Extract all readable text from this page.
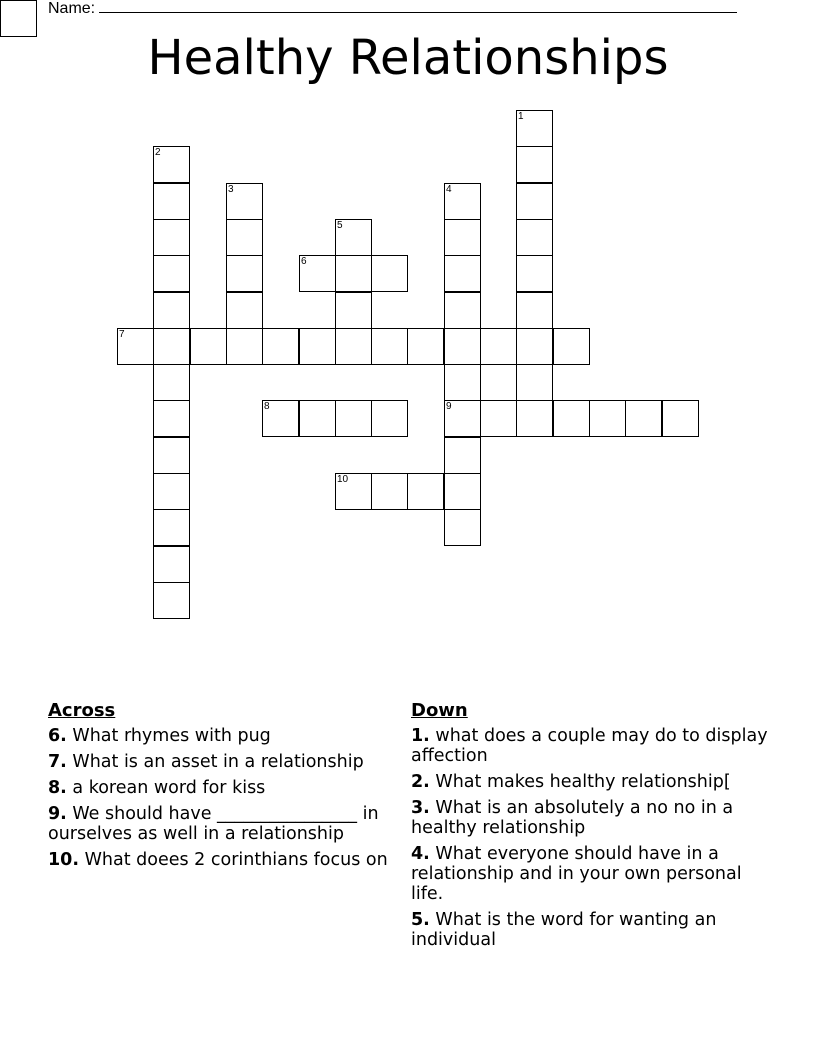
Name:
Healthy Relationships
1
2
3	4
9
5
6
7
8
10
Across
6. What rhymes with pug
7. What is an asset in a relationship
8. a korean word for kiss
9. We should have ________________ in ourselves as well in a relationship
10. What doees 2 corinthians focus on
Down
1. what does a couple may do to display affection
2. What makes healthy relationship[
3. What is an absolutely a no no in a healthy relationship
4. What everyone should have in a relationship and in your own personal life.
5. What is the word for wanting an individual
